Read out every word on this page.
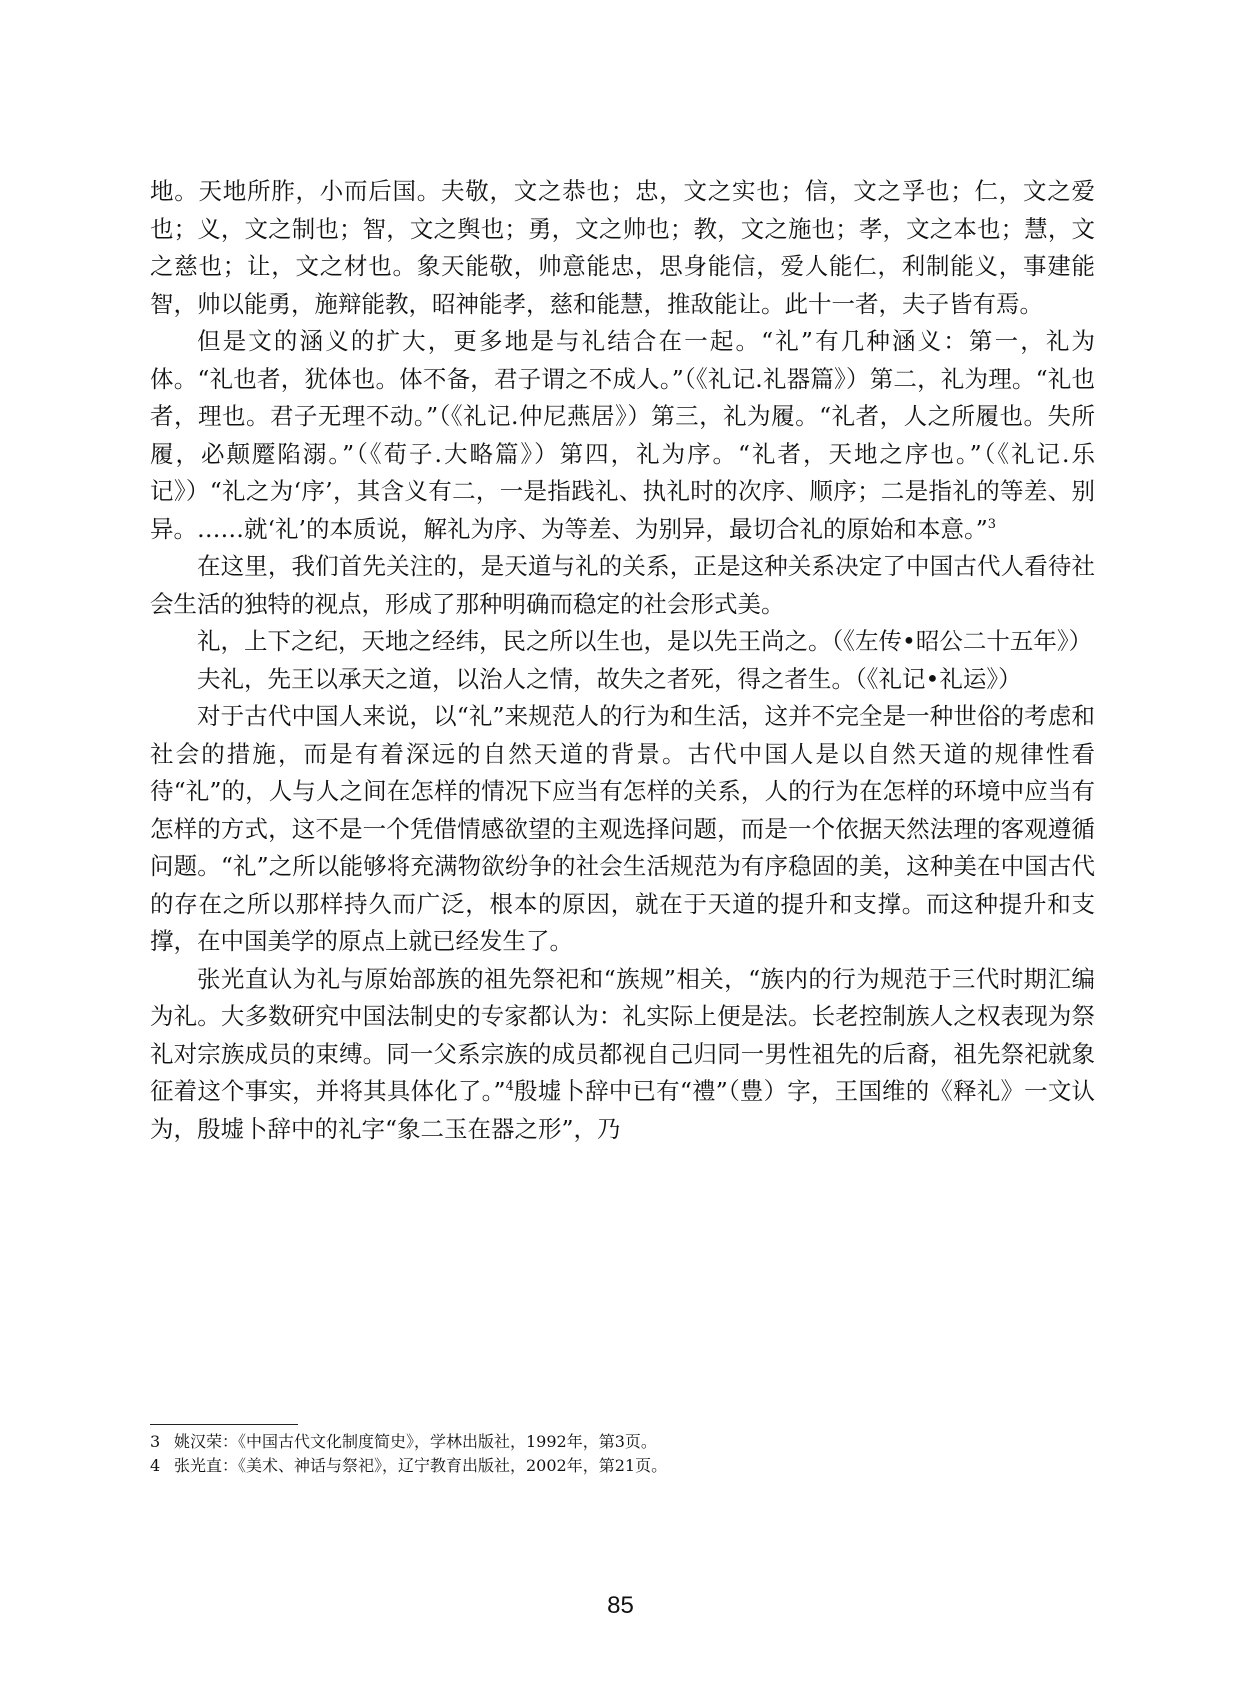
地。天地所胙，小而后国。夫敬，文之恭也；忠，文之实也；信，文之孚也；仁，文之爱也；义，文之制也；智，文之舆也；勇，文之帅也；教，文之施也；孝，文之本也；慧，文之慈也；让，文之材也。象天能敬，帅意能忠，思身能信，爱人能仁，利制能义，事建能智，帅以能勇，施辩能教，昭神能孝，慈和能慧，推敌能让。此十一者，夫子皆有焉。

但是文的涵义的扩大，更多地是与礼结合在一起。“礼”有几种涵义：第一，礼为体。“礼也者，犹体也。体不备，君子谓之不成人。”（《礼记.礼器篇》）第二，礼为理。“礼也者，理也。君子无理不动。”（《礼记.仲尼燕居》）第三，礼为履。“礼者，人之所履也。失所履，必颠蹷陷溺。”（《荀子.大略篇》）第四，礼为序。“礼者，天地之序也。”（《礼记.乐记》）“礼之为‘序’，其含义有二，一是指践礼、执礼时的次序、顺序；二是指礼的等差、别异。……就‘礼’的本质说，解礼为序、为等差、为别异，最切合礼的原始和本意。”$^3$

在这里，我们首先关注的，是天道与礼的关系，正是这种关系决定了中国古代人看待社会生活的独特的视点，形成了那种明确而稳定的社会形式美。

礼，上下之纪，天地之经纬，民之所以生也，是以先王尚之。（《左传•昭公二十五年》）

夫礼，先王以承天之道，以治人之情，故失之者死，得之者生。（《礼记•礼运》）

对于古代中国人来说，以“礼”来规范人的行为和生活，这并不完全是一种世俗的考虑和社会的措施，而是有着深远的自然天道的背景。古代中国人是以自然天道的规律性看待“礼”的，人与人之间在怎样的情况下应当有怎样的关系，人的行为在怎样的环境中应当有怎样的方式，这不是一个凭借情感欲望的主观选择问题，而是一个依据天然法理的客观遵循问题。“礼”之所以能够将充满物欲纷争的社会生活规范为有序稳固的美，这种美在中国古代的存在之所以那样持久而广泛，根本的原因，就在于天道的提升和支撑。而这种提升和支撑，在中国美学的原点上就已经发生了。

张光直认为礼与原始部族的祖先祭祀和“族规”相关，“族内的行为规范于三代时期汇编为礼。大多数研究中国法制史的专家都认为：礼实际上便是法。长老控制族人之权表现为祭礼对宗族成员的束缚。同一父系宗族的成员都视自己归同一男性祖先的后裔，祖先祭祀就象征着这个事实，并将其具体化了。”$^4$殷墟卜辞中已有“禮”（豊）字，王国维的《释礼》一文认为，殷墟卜辞中的礼字“象二玉在器之形”，乃

3 姚汉荣：《中国古代文化制度简史》，学林出版社，1992年，第3页。
4 张光直：《美术、神话与祭祀》，辽宁教育出版社，2002年，第21页。
85
